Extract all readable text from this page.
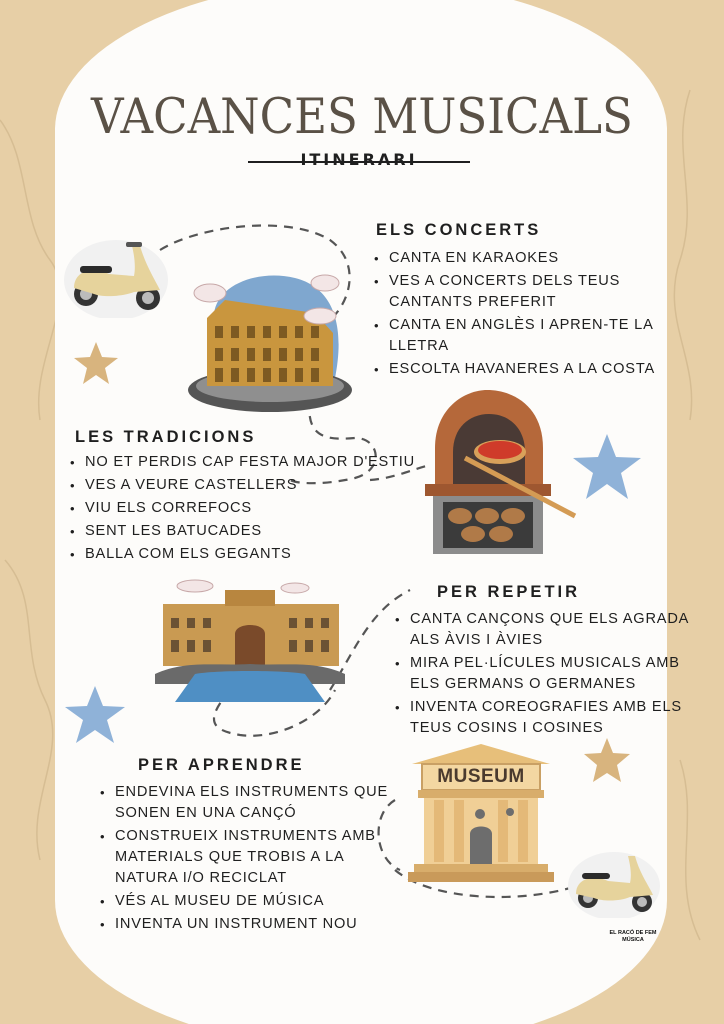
VACANCES MUSICALS
ITINERARI
MUSEUM
ELS CONCERTS
• CANTA EN KARAOKES
• VES A CONCERTS DELS TEUS CANTANTS PREFERIT
• CANTA EN ANGLÈS I APREN-TE LA LLETRA
• ESCOLTA HAVANERES A LA COSTA
LES TRADICIONS
• NO ET PERDIS CAP FESTA MAJOR D'ESTIU
• VES A VEURE CASTELLERS
• VIU ELS CORREFOCS
• SENT LES BATUCADES
• BALLA COM ELS GEGANTS
PER REPETIR
• CANTA CANÇONS QUE ELS AGRADA ALS ÀVIS I ÀVIES
• MIRA PEL·LÍCULES MUSICALS AMB ELS GERMANS O GERMANES
• INVENTA COREOGRAFIES AMB ELS TEUS COSINS I COSINES
PER APRENDRE
• ENDEVINA ELS INSTRUMENTS QUE SONEN EN UNA CANÇÓ
• CONSTRUEIX INSTRUMENTS AMB MATERIALS QUE TROBIS A LA NATURA I/O RECICLAT
• VÉS AL MUSEU DE MÚSICA
• INVENTA UN INSTRUMENT NOU
EL RACÓ DE FEM MÚSICA
